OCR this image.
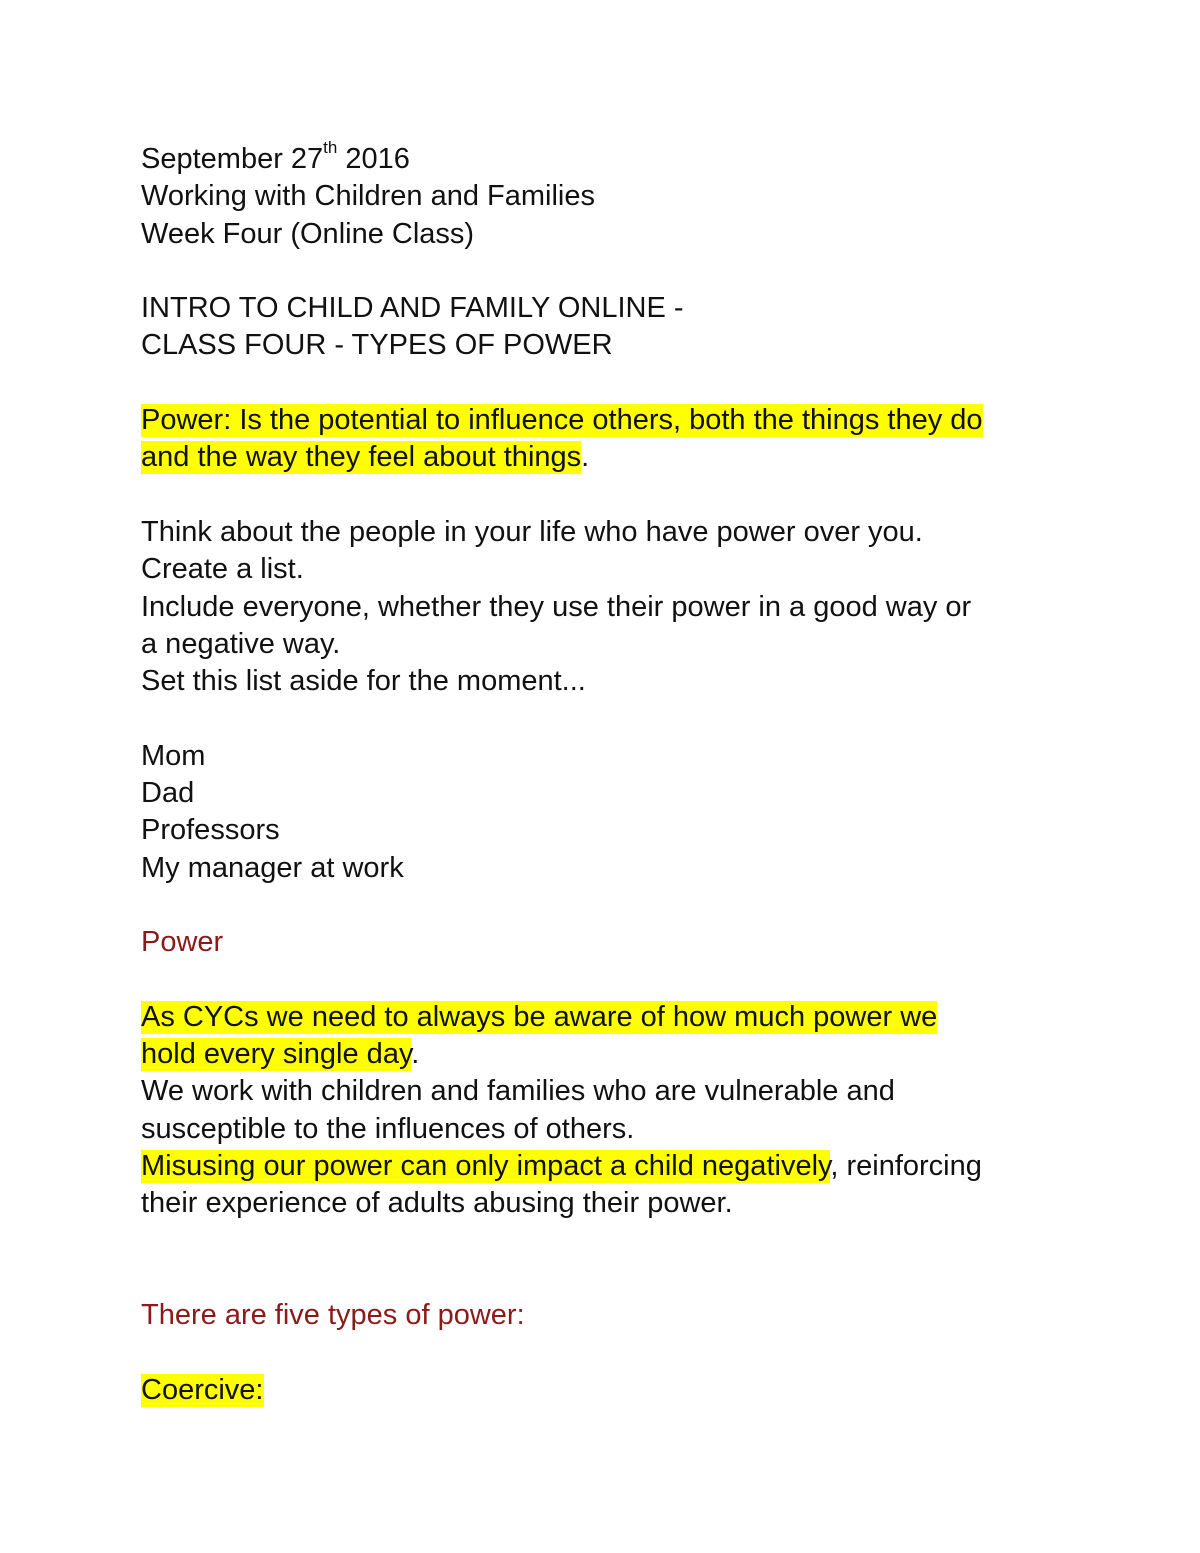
September 27th 2016
Working with Children and Families
Week Four (Online Class)
INTRO TO CHILD AND FAMILY ONLINE -
CLASS FOUR - TYPES OF POWER
Power: Is the potential to influence others, both the things they do
and the way they feel about things.
Think about the people in your life who have power over you.
Create a list.
Include everyone, whether they use their power in a good way or
a negative way.
Set this list aside for the moment...
Mom
Dad
Professors
My manager at work
Power
As CYCs we need to always be aware of how much power we
hold every single day.
We work with children and families who are vulnerable and
susceptible to the influences of others.
Misusing our power can only impact a child negatively, reinforcing
their experience of adults abusing their power.
There are five types of power:
Coercive:
